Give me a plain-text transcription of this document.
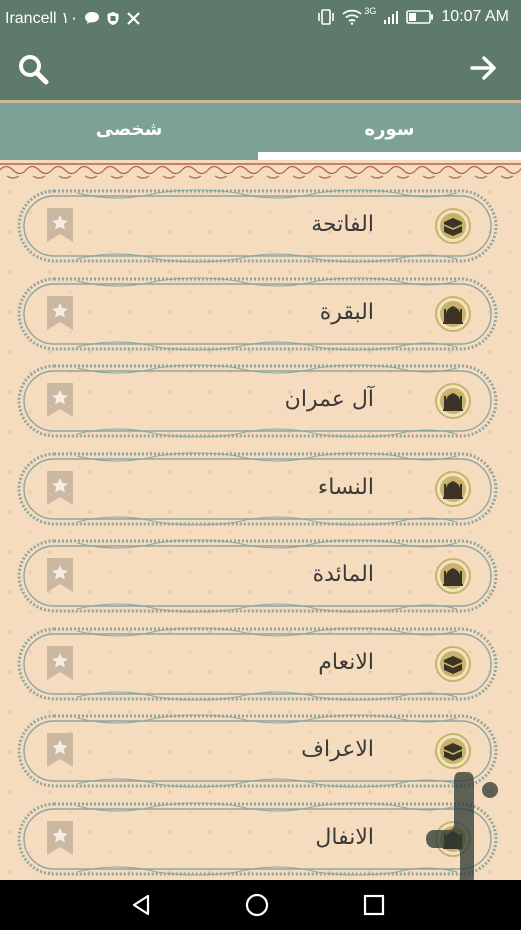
Irancell ۱۰	3G	10:07 AM
شخصی	سوره
الفاتحة
البقرة
آل عمران
النساء
المائدة
الانعام
الاعراف
الانفال
